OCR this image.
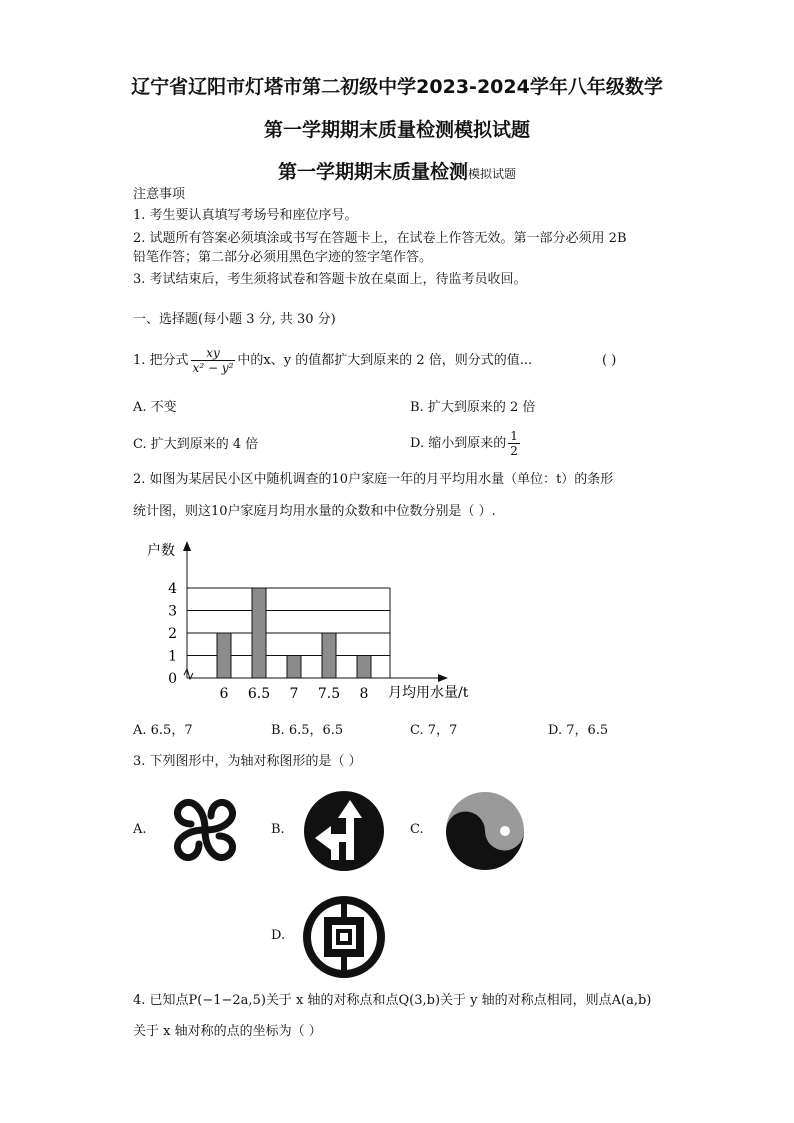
辽宁省辽阳市灯塔市第二初级中学2023-2024学年八年级数学
第一学期期末质量检测模拟试题
第一学期期末质量检测模拟试题
注意事项
1. 考生要认真填写考场号和座位序号。
2. 试题所有答案必须填涂或书写在答题卡上，在试卷上作答无效。第一部分必须用 2B
铅笔作答；第二部分必须用黑色字迹的签字笔作答。
3. 考试结束后，考生须将试卷和答题卡放在桌面上，待监考员收回。
一、选择题(每小题 3 分, 共 30 分)
1. 把分式 $\frac{xy}{\text{x² − y²}}$ 中的x、y 的值都扩大到原来的 2 倍，则分式的值...	( )
A. 不变	B. 扩大到原来的 2 倍
C. 扩大到原来的 4 倍	D. 缩小到原来的 $\frac{1}{2}$
2. 如图为某居民小区中随机调查的10户家庭一年的月平均用水量（单位：t）的条形
统计图，则这10户家庭月均用水量的众数和中位数分别是（ ）.
户数
月均用水量/t
0
1
2
3
4
6 6.5 7 7.5 8
A. 6.5，7	B. 6.5，6.5	C. 7，7	D. 7，6.5
3. 下列图形中，为轴对称图形的是（ ）
A.	B.	C.
D.
4. 已知点P(−1−2a,5)关于 x 轴的对称点和点Q(3,b)关于 y 轴的对称点相同，则点A(a,b)
关于 x 轴对称的点的坐标为（ ）
